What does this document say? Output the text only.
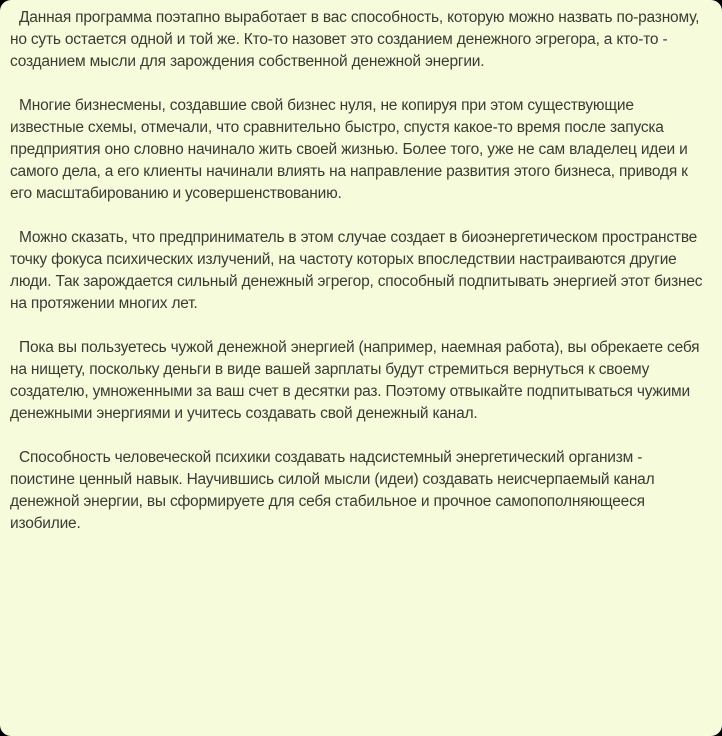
Данная программа поэтапно выработает в вас способность, которую можно назвать по-разному, но суть остается одной и той же. Кто-то назовет это созданием денежного эгрегора, а кто-то - созданием мысли для зарождения собственной денежной энергии.

Многие бизнесмены, создавшие свой бизнес нуля, не копируя при этом существующие известные схемы, отмечали, что сравнительно быстро, спустя какое-то время после запуска предприятия оно словно начинало жить своей жизнью. Более того, уже не сам владелец идеи и самого дела, а его клиенты начинали влиять на направление развития этого бизнеса, приводя к его масштабированию и усовершенствованию.

Можно сказать, что предприниматель в этом случае создает в биоэнергетическом пространстве точку фокуса психических излучений, на частоту которых впоследствии настраиваются другие люди. Так зарождается сильный денежный эгрегор, способный подпитывать энергией этот бизнес на протяжении многих лет.

Пока вы пользуетесь чужой денежной энергией (например, наемная работа), вы обрекаете себя на нищету, поскольку деньги в виде вашей зарплаты будут стремиться вернуться к своему создателю, умноженными за ваш счет в десятки раз. Поэтому отвыкайте подпитываться чужими денежными энергиями и учитесь создавать свой денежный канал.

Способность человеческой психики создавать надсистемный энергетический организм - поистине ценный навык. Научившись силой мысли (идеи) создавать неисчерпаемый канал денежной энергии, вы сформируете для себя стабильное и прочное самопополняющееся изобилие.
